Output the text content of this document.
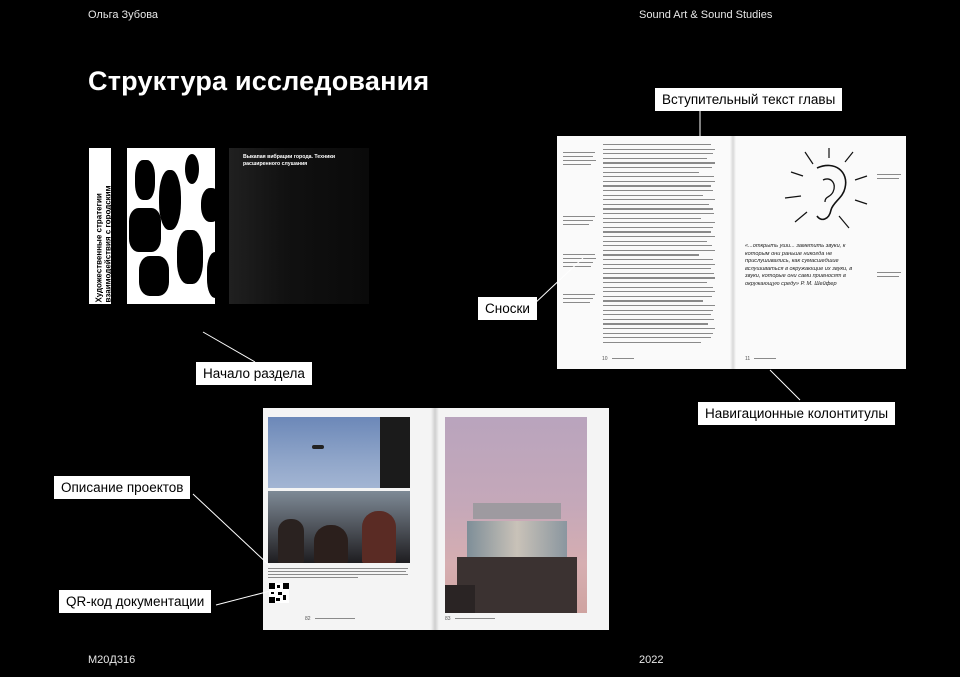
Ольга Зубова	Sound Art & Sound Studies
М20Д316	2022
Структура исследования
Художественные стратегии взаимодействия с городским пространством:
Выкапая вибрации города. Техники расширенного слушания
10	11
«...открыть уши... заметить звуки, к которым они раньше никогда не прислушивались, как сумасшедшие вслушиваться в окружающие их звуки, в звуки, которые они сами привносят в окружающую среду» Р. М. Шейфер
82	83
Вступительный текст главы
Сноски
Начало раздела
Навигационные колонтитулы
Описание проектов
QR-код документации
